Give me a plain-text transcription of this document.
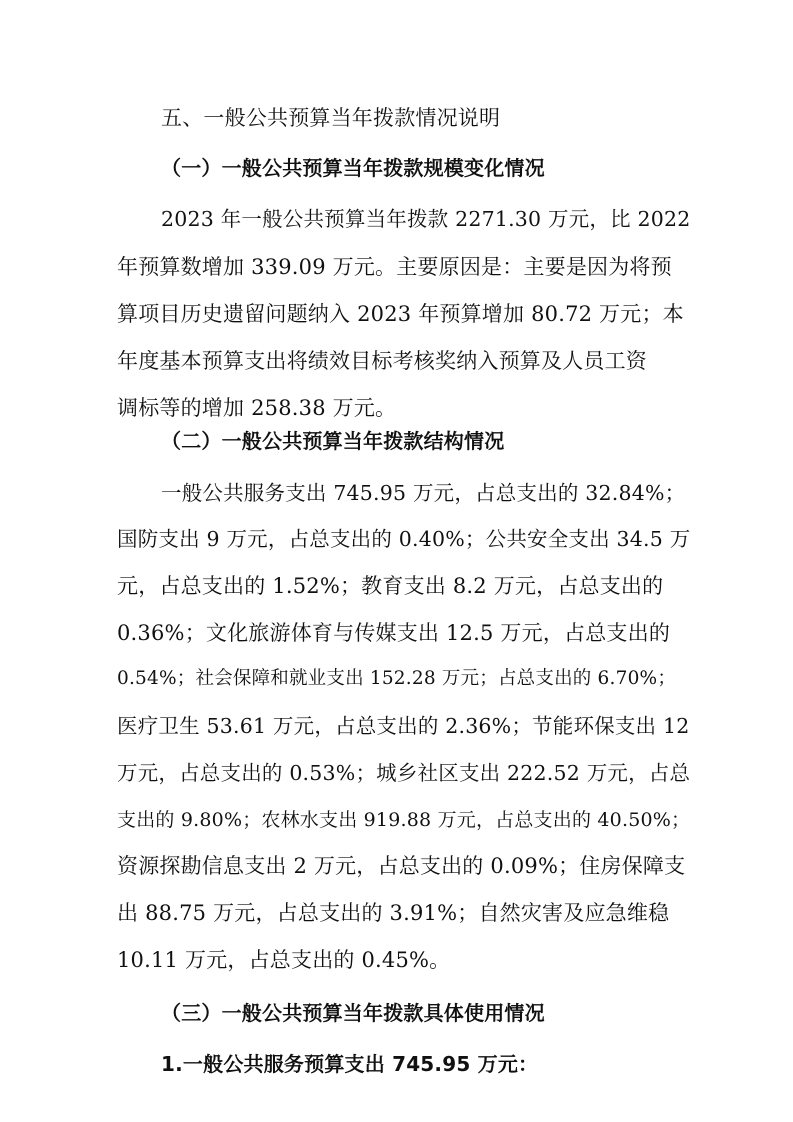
五、一般公共预算当年拨款情况说明
（一）一般公共预算当年拨款规模变化情况
2023 年一般公共预算当年拨款 2271.30 万元，比 2022
年预算数增加 339.09 万元。主要原因是：主要是因为将预
算项目历史遗留问题纳入 2023 年预算增加 80.72 万元；本
年度基本预算支出将绩效目标考核奖纳入预算及人员工资
调标等的增加 258.38 万元。
（二）一般公共预算当年拨款结构情况
一般公共服务支出 745.95 万元，占总支出的 32.84%；
国防支出 9 万元，占总支出的 0.40%；公共安全支出 34.5 万
元，占总支出的 1.52%；教育支出 8.2 万元，占总支出的
0.36%；文化旅游体育与传媒支出 12.5 万元，占总支出的
0.54%；社会保障和就业支出 152.28 万元；占总支出的 6.70%；
医疗卫生 53.61 万元，占总支出的 2.36%；节能环保支出 12
万元，占总支出的 0.53%；城乡社区支出 222.52 万元，占总
支出的 9.80%；农林水支出 919.88 万元，占总支出的 40.50%；
资源探勘信息支出 2 万元，占总支出的 0.09%；住房保障支
出 88.75 万元，占总支出的 3.91%；自然灾害及应急维稳
10.11 万元，占总支出的 0.45%。
（三）一般公共预算当年拨款具体使用情况
1.一般公共服务预算支出 745.95 万元：
